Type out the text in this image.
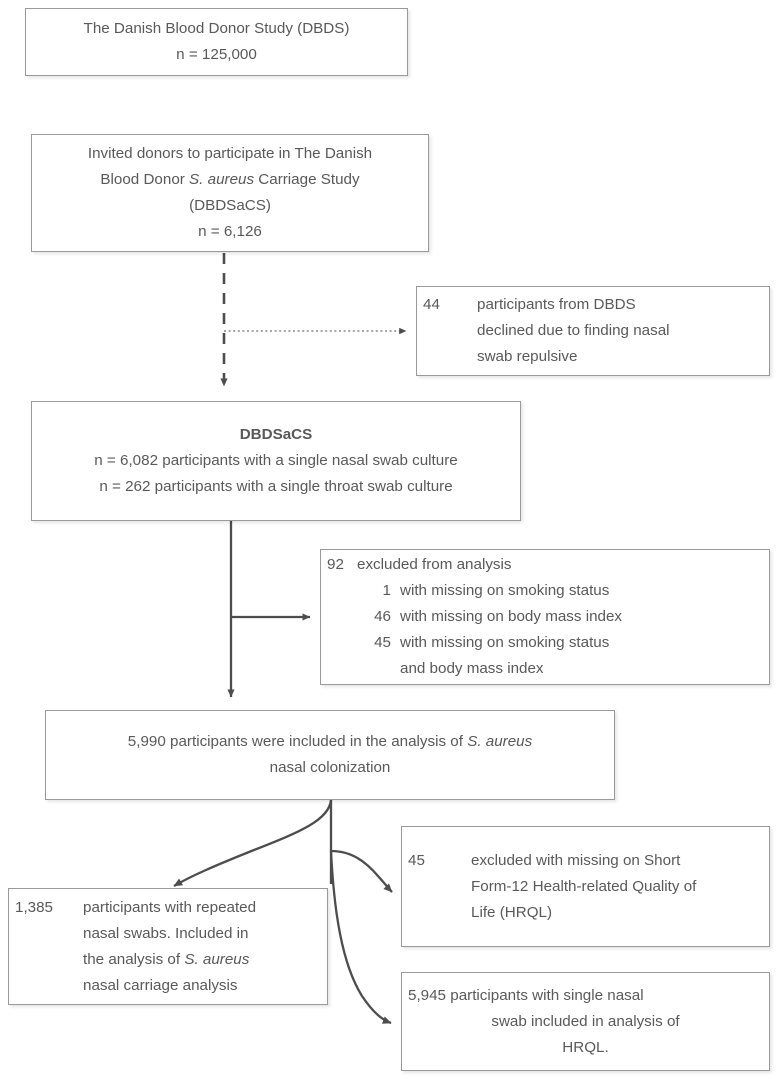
The Danish Blood Donor Study (DBDS)
n = 125,000
Invited donors to participate in The Danish
Blood Donor S. aureus Carriage Study
(DBDSaCS)
n = 6,126
44	participants from DBDS
declined due to finding nasal
swab repulsive
DBDSaCS
n = 6,082 participants with a single nasal swab culture
n = 262 participants with a single throat swab culture
92 excluded from analysis
1 with missing on smoking status
46 with missing on body mass index
45 with missing on smoking status
and body mass index
5,990 participants were included in the analysis of S. aureus
nasal colonization
1,385	participants with repeated
nasal swabs. Included in
the analysis of S. aureus
nasal carriage analysis
45	excluded with missing on Short
Form-12 Health-related Quality of
Life (HRQL)
5,945 participants with single nasal
swab included in analysis of
HRQL.
